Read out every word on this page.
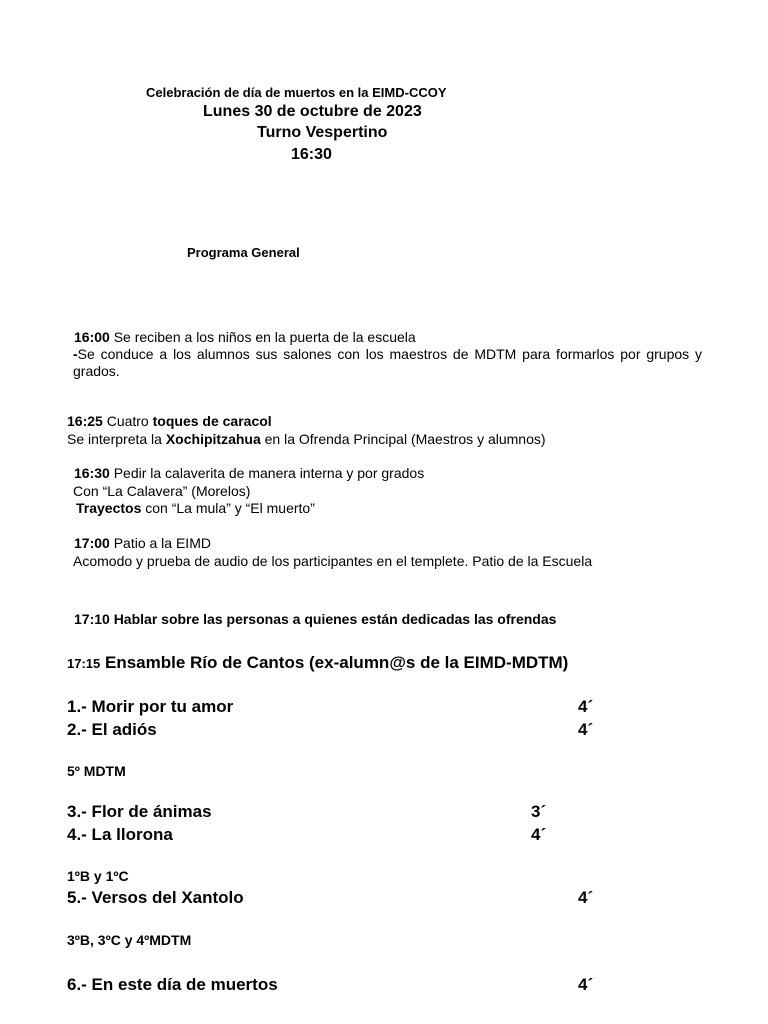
Celebración de día de muertos en la EIMD-CCOY
Lunes 30 de octubre de 2023
Turno Vespertino
16:30
Programa General
16:00 Se reciben a los niños en la puerta de la escuela
-Se conduce a los alumnos sus salones con los maestros de MDTM para formarlos por grupos y grados.
16:25 Cuatro toques de caracol
Se interpreta la Xochipitzahua en la Ofrenda Principal (Maestros y alumnos)
16:30 Pedir la calaverita de manera interna y por grados
Con “La Calavera” (Morelos)
Trayectos con “La mula” y “El muerto”
17:00 Patio a la EIMD
Acomodo y prueba de audio de los participantes en el templete. Patio de la Escuela
17:10 Hablar sobre las personas a quienes están dedicadas las ofrendas
17:15 Ensamble Río de Cantos (ex-alumn@s de la EIMD-MDTM)
1.- Morir por tu amor	4´
2.- El adiós	4´
5º MDTM
3.- Flor de ánimas	3´
4.- La llorona	4´
1ºB y 1ºC
5.- Versos del Xantolo	4´
3ºB, 3ºC y 4ºMDTM
6.- En este día de muertos	4´
